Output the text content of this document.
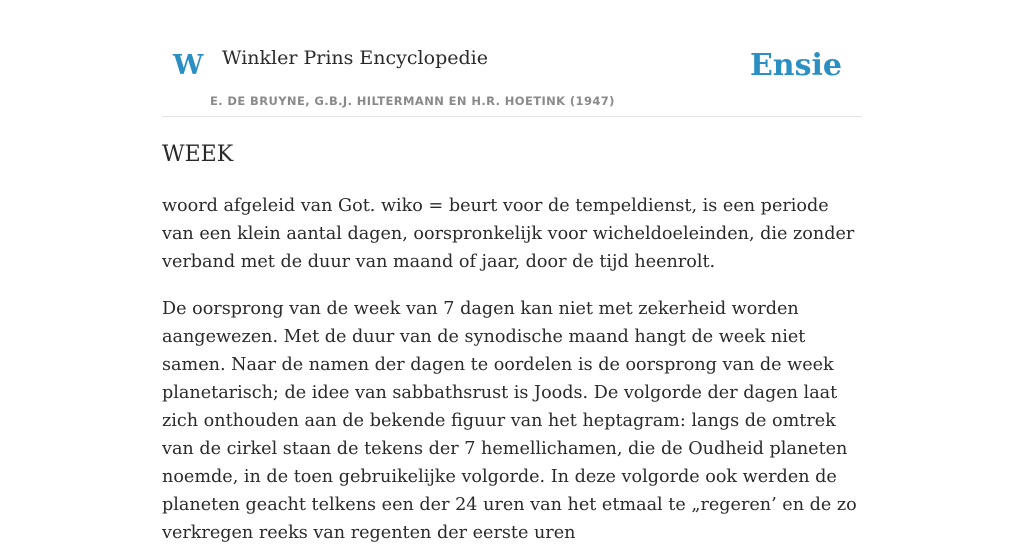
W Winkler Prins Encyclopedie
E. DE BRUYNE, G.B.J. HILTERMANN EN H.R. HOETINK (1947)
Ensie
WEEK

woord afgeleid van Got. wiko = beurt voor de tempeldienst, is een periode van een klein aantal dagen, oorspronkelijk voor wicheldoeleinden, die zonder verband met de duur van maand of jaar, door de tijd heenrolt.

De oorsprong van de week van 7 dagen kan niet met zekerheid worden aangewezen. Met de duur van de synodische maand hangt de week niet samen. Naar de namen der dagen te oordelen is de oorsprong van de week planetarisch; de idee van sabbathsrust is Joods. De volgorde der dagen laat zich onthouden aan de bekende figuur van het heptagram: langs de omtrek van de cirkel staan de tekens der 7 hemellichamen, die de Oudheid planeten noemde, in de toen gebruikelijke volgorde. In deze volgorde ook werden de planeten geacht telkens een der 24 uren van het etmaal te „regeren’ en de zo verkregen reeks van regenten der eerste uren
